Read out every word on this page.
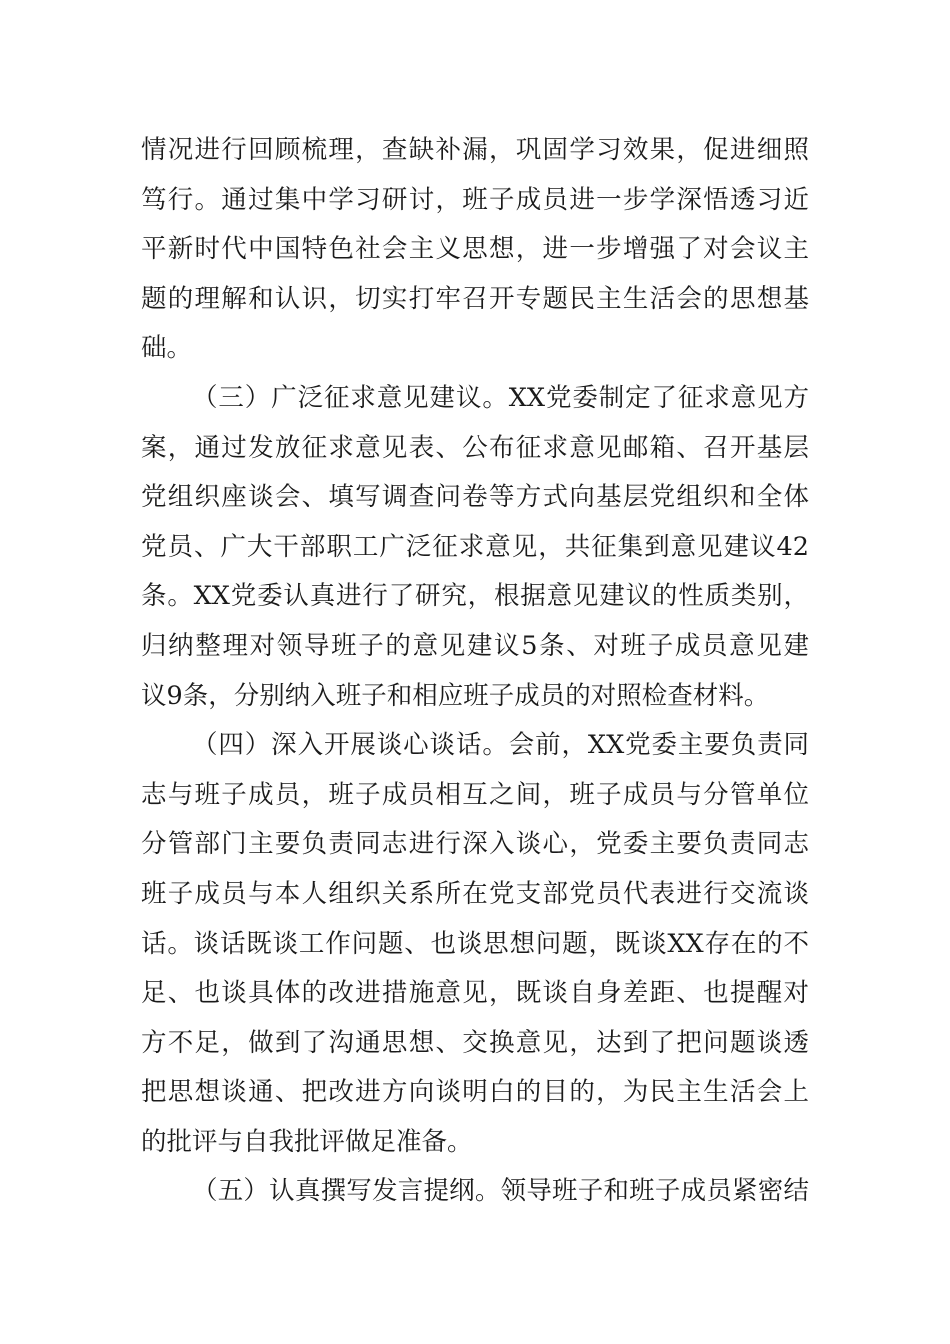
情况进行回顾梳理，查缺补漏，巩固学习效果，促进细照
笃行。通过集中学习研讨，班子成员进一步学深悟透习近
平新时代中国特色社会主义思想，进一步增强了对会议主
题的理解和认识，切实打牢召开专题民主生活会的思想基
础。
（三）广泛征求意见建议。XX党委制定了征求意见方
案，通过发放征求意见表、公布征求意见邮箱、召开基层
党组织座谈会、填写调查问卷等方式向基层党组织和全体
党员、广大干部职工广泛征求意见，共征集到意见建议42
条。XX党委认真进行了研究，根据意见建议的性质类别，
归纳整理对领导班子的意见建议5条、对班子成员意见建
议9条，分别纳入班子和相应班子成员的对照检查材料。
（四）深入开展谈心谈话。会前，XX党委主要负责同
志与班子成员，班子成员相互之间，班子成员与分管单位
分管部门主要负责同志进行深入谈心，党委主要负责同志
班子成员与本人组织关系所在党支部党员代表进行交流谈
话。谈话既谈工作问题、也谈思想问题，既谈XX存在的不
足、也谈具体的改进措施意见，既谈自身差距、也提醒对
方不足，做到了沟通思想、交换意见，达到了把问题谈透
把思想谈通、把改进方向谈明白的目的，为民主生活会上
的批评与自我批评做足准备。
（五）认真撰写发言提纲。领导班子和班子成员紧密结
